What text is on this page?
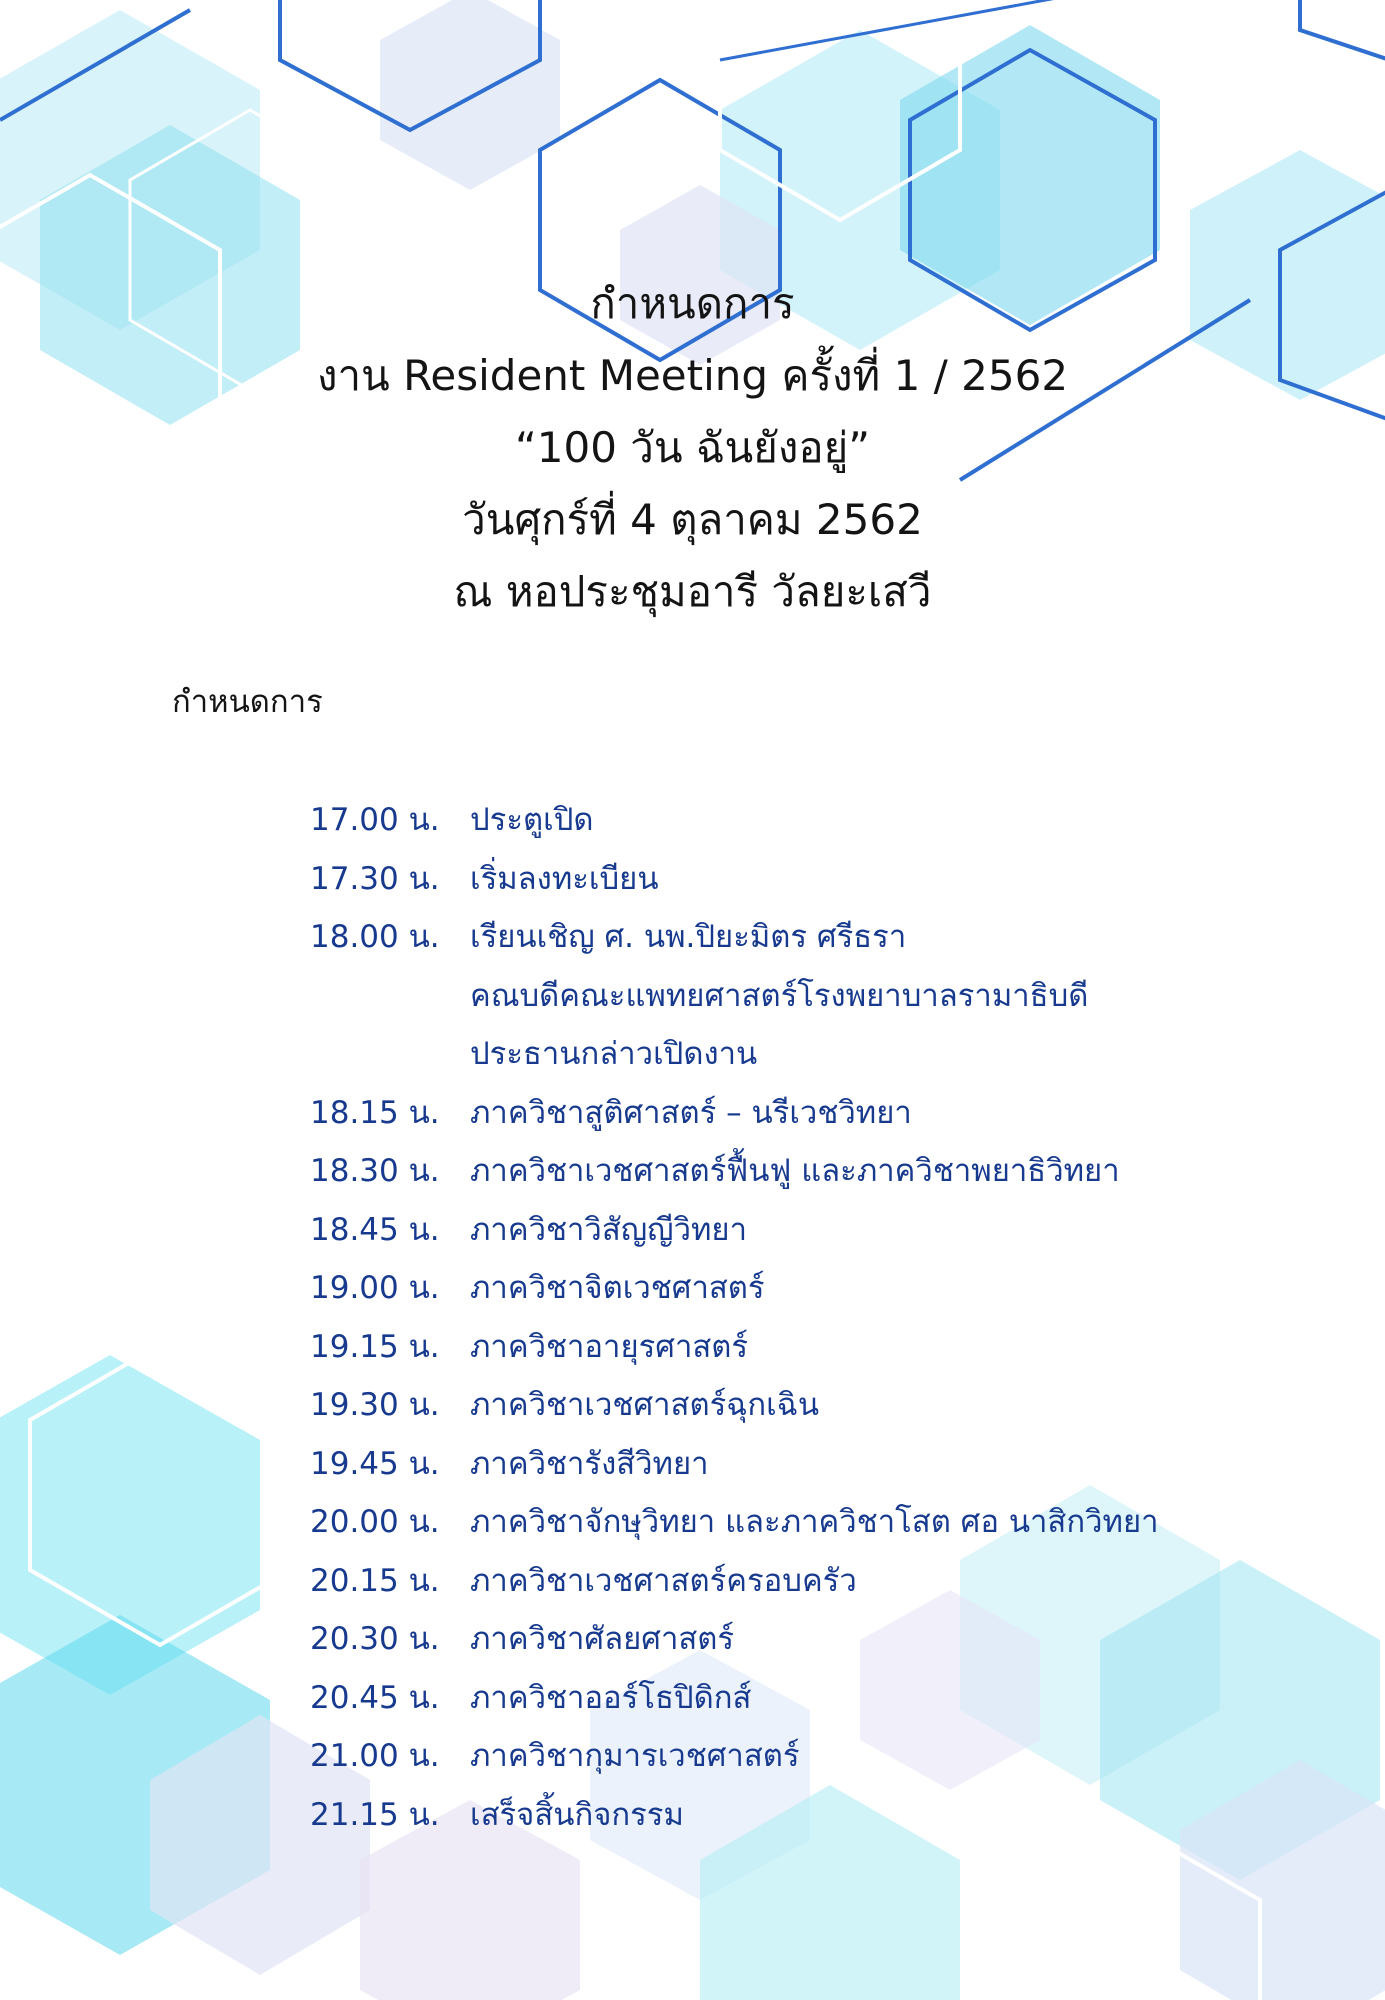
กำหนดการ
งาน Resident Meeting ครั้งที่ 1 / 2562
“100 วัน ฉันยังอยู่”
วันศุกร์ที่ 4 ตุลาคม 2562
ณ หอประชุมอารี วัลยะเสวี
กำหนดการ
17.00 น. ประตูเปิด
17.30 น. เริ่มลงทะเบียน
18.00 น. เรียนเชิญ ศ. นพ.ปิยะมิตร ศรีธรา
คณบดีคณะแพทยศาสตร์โรงพยาบาลรามาธิบดี
ประธานกล่าวเปิดงาน
18.15 น. ภาควิชาสูติศาสตร์ – นรีเวชวิทยา
18.30 น. ภาควิชาเวชศาสตร์ฟื้นฟู และภาควิชาพยาธิวิทยา
18.45 น. ภาควิชาวิสัญญีวิทยา
19.00 น. ภาควิชาจิตเวชศาสตร์
19.15 น. ภาควิชาอายุรศาสตร์
19.30 น. ภาควิชาเวชศาสตร์ฉุกเฉิน
19.45 น. ภาควิชารังสีวิทยา
20.00 น. ภาควิชาจักษุวิทยา และภาควิชาโสต ศอ นาสิกวิทยา
20.15 น. ภาควิชาเวชศาสตร์ครอบครัว
20.30 น. ภาควิชาศัลยศาสตร์
20.45 น. ภาควิชาออร์โธปิดิกส์
21.00 น. ภาควิชากุมารเวชศาสตร์
21.15 น. เสร็จสิ้นกิจกรรม
